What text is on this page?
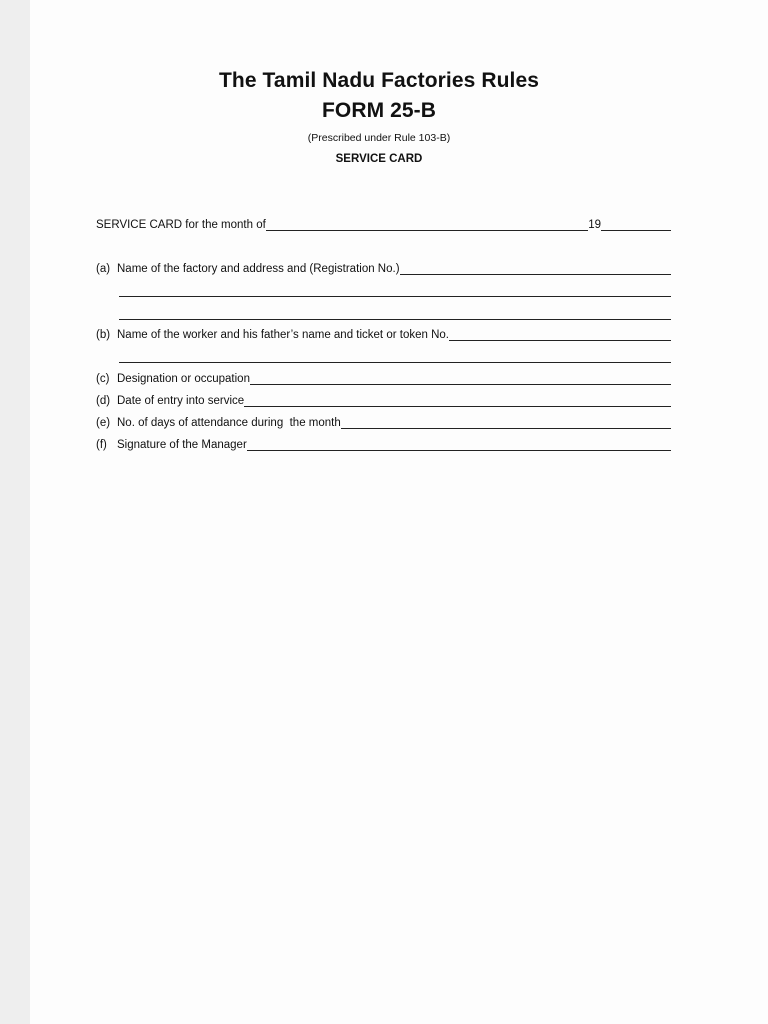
The Tamil Nadu Factories Rules
FORM 25-B
(Prescribed under Rule 103-B)
SERVICE CARD
SERVICE CARD for the month of	19
(a) Name of the factory and address and (Registration No.)
(b) Name of the worker and his father’s name and ticket or token No.
(c) Designation or occupation
(d) Date of entry into service
(e) No. of days of attendance during  the month
(f) Signature of the Manager
